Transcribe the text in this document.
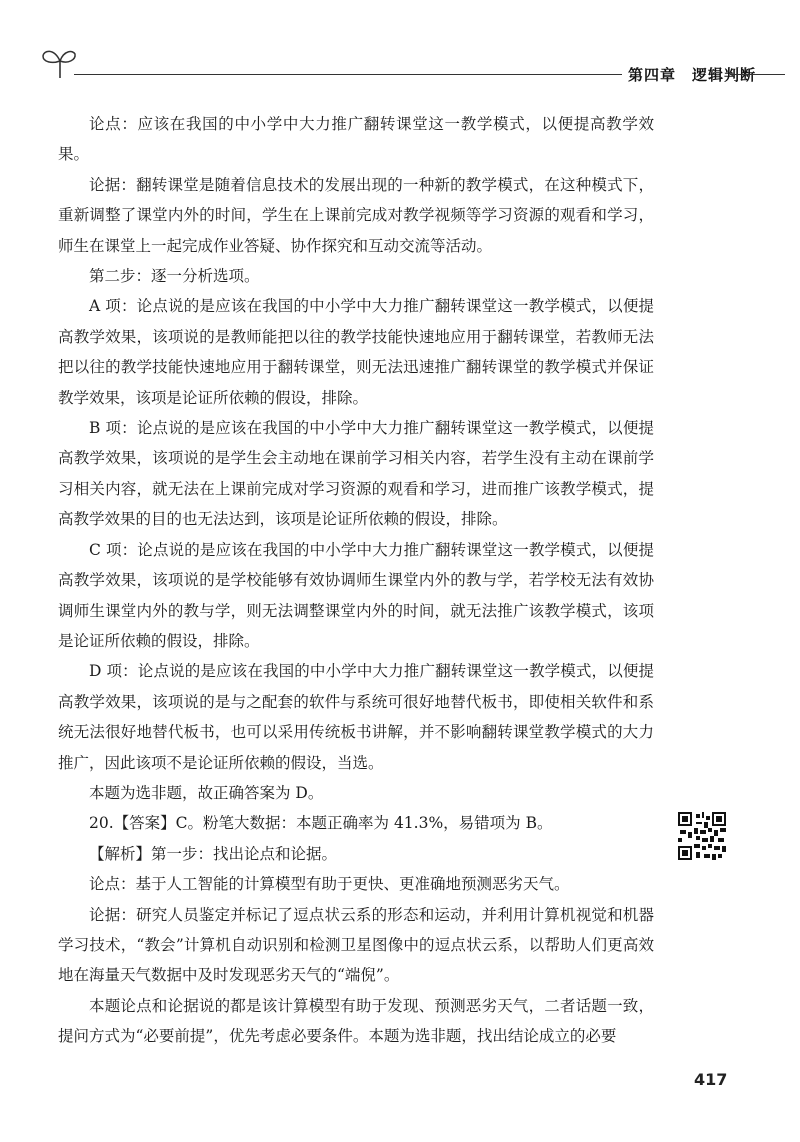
第四章　逻辑判断

论点：应该在我国的中小学中大力推广翻转课堂这一教学模式，以便提高教学效果。

论据：翻转课堂是随着信息技术的发展出现的一种新的教学模式，在这种模式下，重新调整了课堂内外的时间，学生在上课前完成对教学视频等学习资源的观看和学习，师生在课堂上一起完成作业答疑、协作探究和互动交流等活动。

第二步：逐一分析选项。

A 项：论点说的是应该在我国的中小学中大力推广翻转课堂这一教学模式，以便提高教学效果，该项说的是教师能把以往的教学技能快速地应用于翻转课堂，若教师无法把以往的教学技能快速地应用于翻转课堂，则无法迅速推广翻转课堂的教学模式并保证教学效果，该项是论证所依赖的假设，排除。

B 项：论点说的是应该在我国的中小学中大力推广翻转课堂这一教学模式，以便提高教学效果，该项说的是学生会主动地在课前学习相关内容，若学生没有主动在课前学习相关内容，就无法在上课前完成对学习资源的观看和学习，进而推广该教学模式，提高教学效果的目的也无法达到，该项是论证所依赖的假设，排除。

C 项：论点说的是应该在我国的中小学中大力推广翻转课堂这一教学模式，以便提高教学效果，该项说的是学校能够有效协调师生课堂内外的教与学，若学校无法有效协调师生课堂内外的教与学，则无法调整课堂内外的时间，就无法推广该教学模式，该项是论证所依赖的假设，排除。

D 项：论点说的是应该在我国的中小学中大力推广翻转课堂这一教学模式，以便提高教学效果，该项说的是与之配套的软件与系统可很好地替代板书，即使相关软件和系统无法很好地替代板书，也可以采用传统板书讲解，并不影响翻转课堂教学模式的大力推广，因此该项不是论证所依赖的假设，当选。

本题为选非题，故正确答案为 D。

20.【答案】C。粉笔大数据：本题正确率为 41.3%，易错项为 B。

【解析】第一步：找出论点和论据。

论点：基于人工智能的计算模型有助于更快、更准确地预测恶劣天气。

论据：研究人员鉴定并标记了逗点状云系的形态和运动，并利用计算机视觉和机器学习技术，“教会”计算机自动识别和检测卫星图像中的逗点状云系，以帮助人们更高效地在海量天气数据中及时发现恶劣天气的“端倪”。

本题论点和论据说的都是该计算模型有助于发现、预测恶劣天气，二者话题一致，提问方式为“必要前提”，优先考虑必要条件。本题为选非题，找出结论成立的必要

417
